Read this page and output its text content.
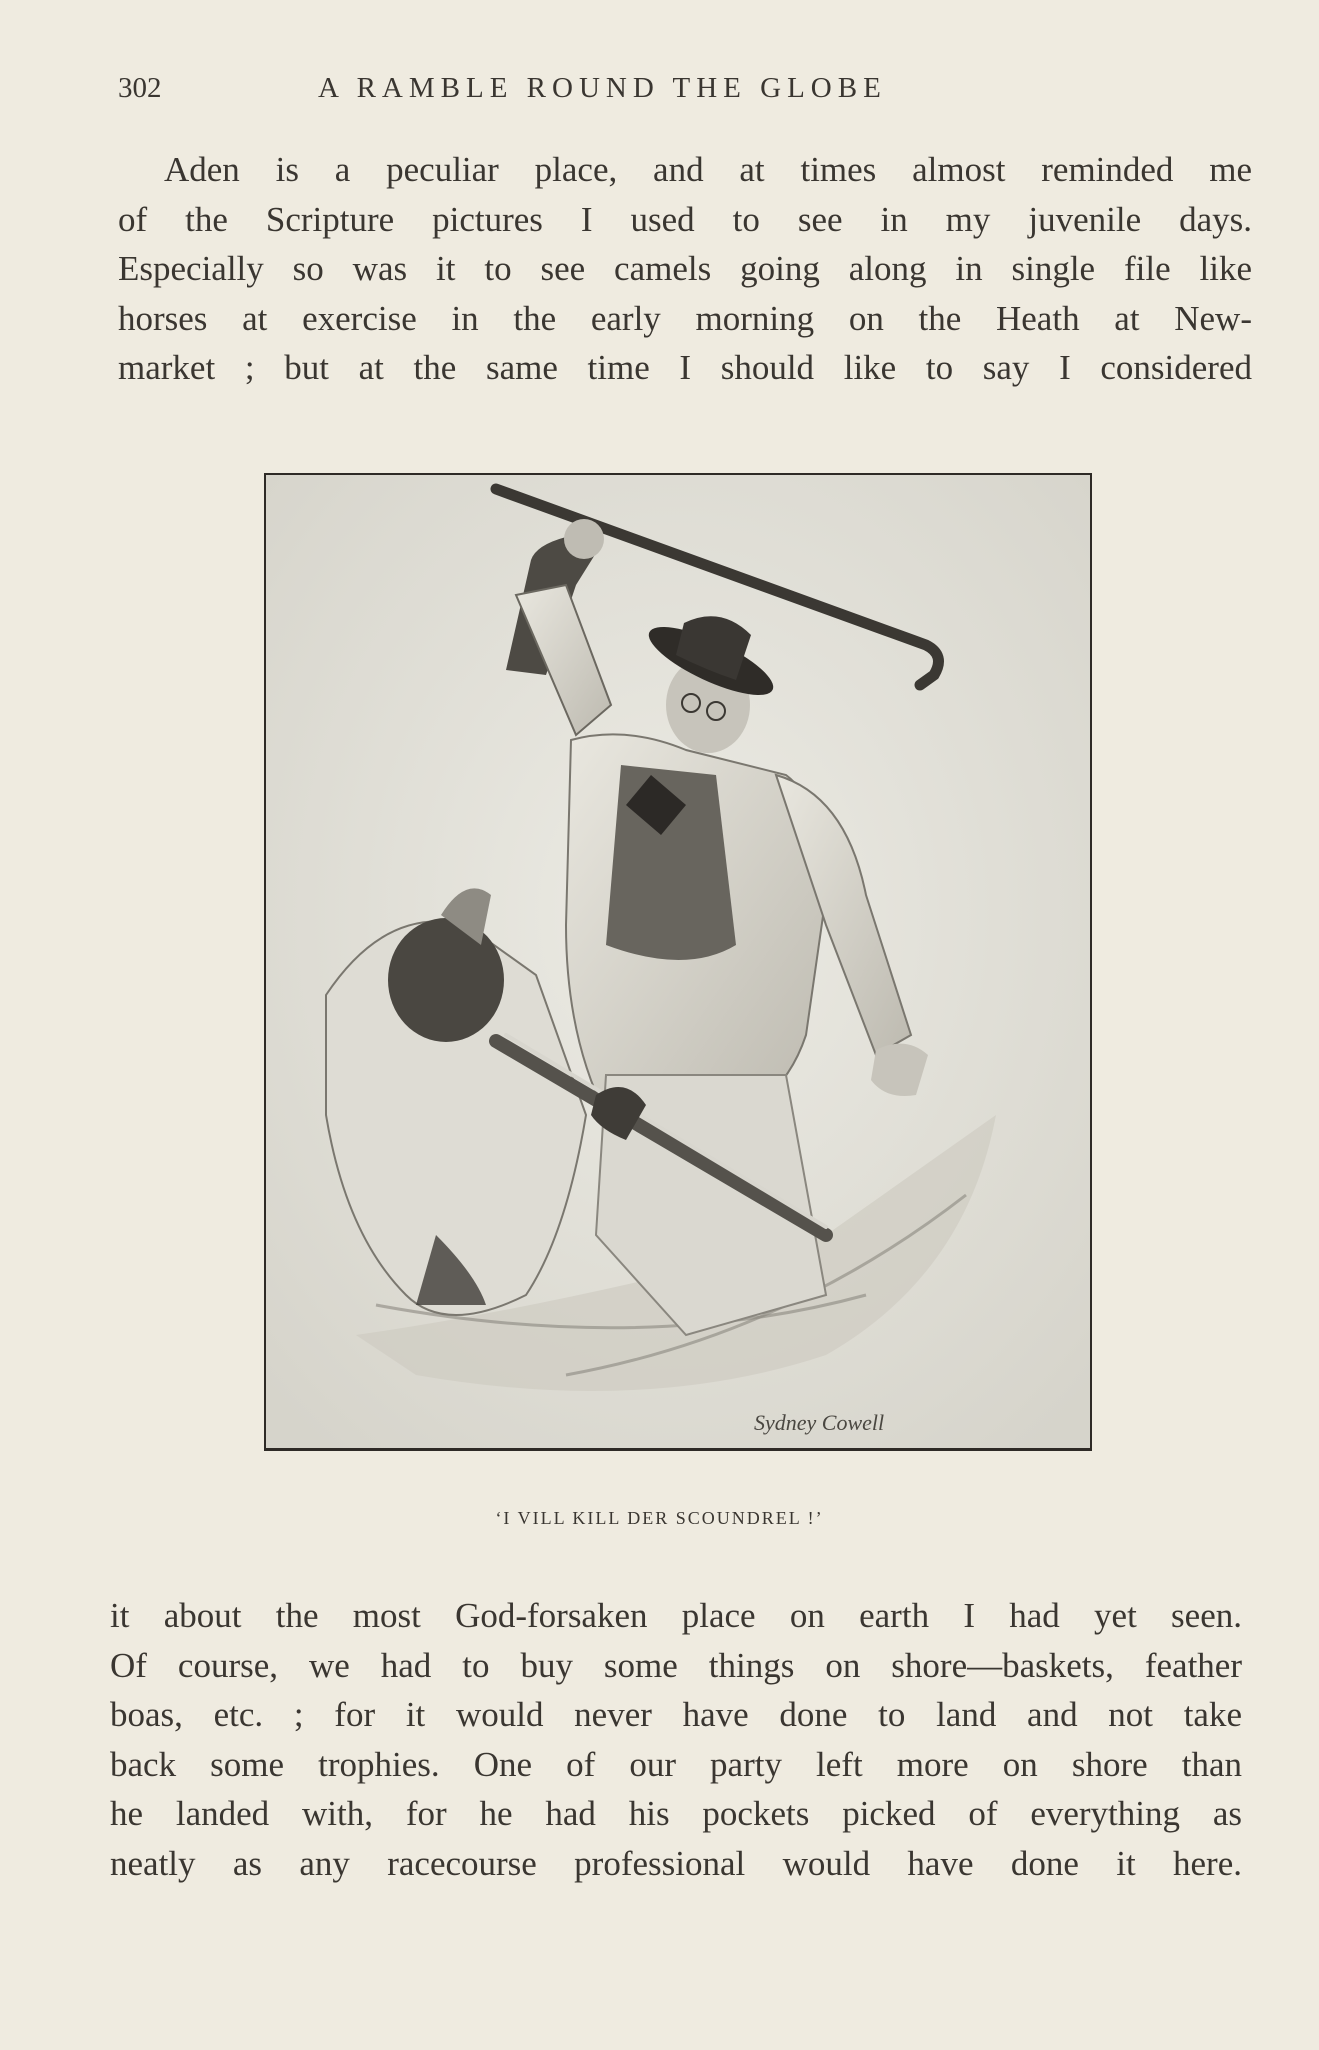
302	A RAMBLE ROUND THE GLOBE
Aden is a peculiar place, and at times almost reminded me
of the Scripture pictures I used to see in my juvenile days.
Especially so was it to see camels going along in single file like
horses at exercise in the early morning on the Heath at New-
market ; but at the same time I should like to say I considered
Sydney Cowell
‘I VILL KILL DER SCOUNDREL !’
it about the most God-forsaken place on earth I had yet seen.
Of course, we had to buy some things on shore—baskets, feather
boas, etc. ; for it would never have done to land and not take
back some trophies. One of our party left more on shore than
he landed with, for he had his pockets picked of everything as
neatly as any racecourse professional would have done it here.
